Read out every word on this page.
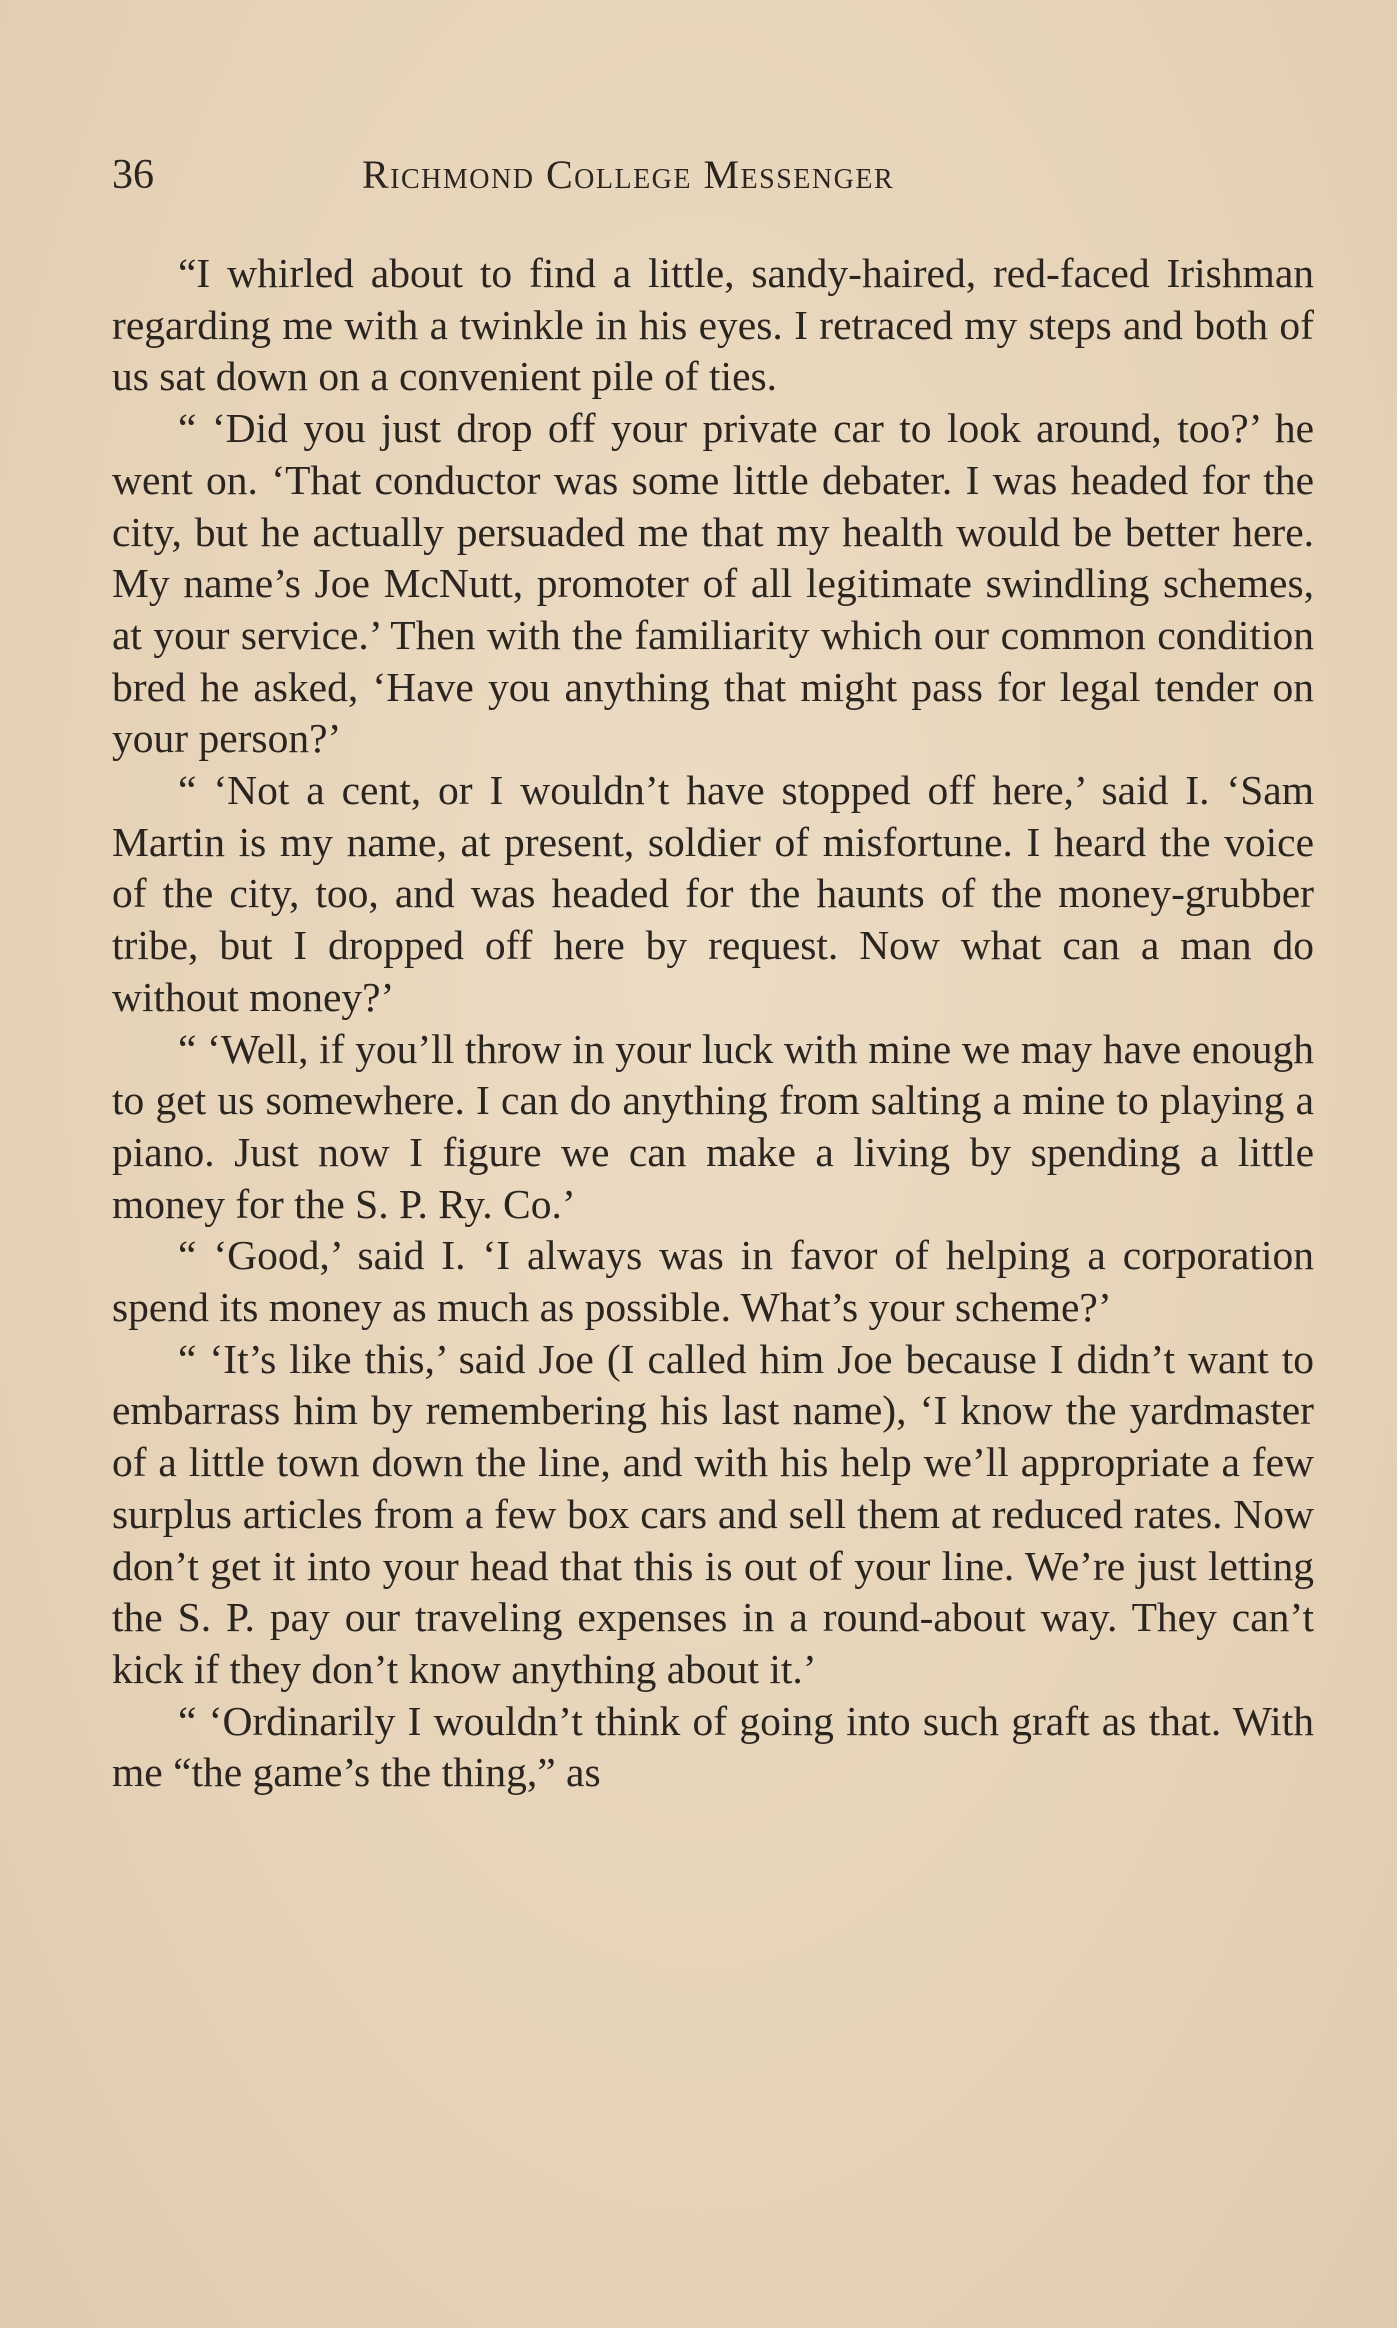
36	Richmond College Messenger

“I whirled about to find a little, sandy-haired, red-faced Irishman regarding me with a twinkle in his eyes. I retraced my steps and both of us sat down on a convenient pile of ties.

“ ‘Did you just drop off your private car to look around, too?’ he went on. ‘That conductor was some little debater. I was headed for the city, but he actually persuaded me that my health would be better here. My name’s Joe McNutt, promoter of all legitimate swindling schemes, at your service.’ Then with the familiarity which our common condition bred he asked, ‘Have you anything that might pass for legal tender on your person?’

“ ‘Not a cent, or I wouldn’t have stopped off here,’ said I. ‘Sam Martin is my name, at present, soldier of misfortune. I heard the voice of the city, too, and was headed for the haunts of the money-grubber tribe, but I dropped off here by request. Now what can a man do without money?’

“ ‘Well, if you’ll throw in your luck with mine we may have enough to get us somewhere. I can do anything from salting a mine to playing a piano. Just now I figure we can make a living by spending a little money for the S. P. Ry. Co.’

“ ‘Good,’ said I. ‘I always was in favor of helping a corporation spend its money as much as possible. What’s your scheme?’

“ ‘It’s like this,’ said Joe (I called him Joe because I didn’t want to embarrass him by remembering his last name), ‘I know the yardmaster of a little town down the line, and with his help we’ll appropriate a few surplus articles from a few box cars and sell them at reduced rates. Now don’t get it into your head that this is out of your line. We’re just letting the S. P. pay our traveling expenses in a round-about way. They can’t kick if they don’t know anything about it.’

“ ‘Ordinarily I wouldn’t think of going into such graft as that. With me “the game’s the thing,” as
